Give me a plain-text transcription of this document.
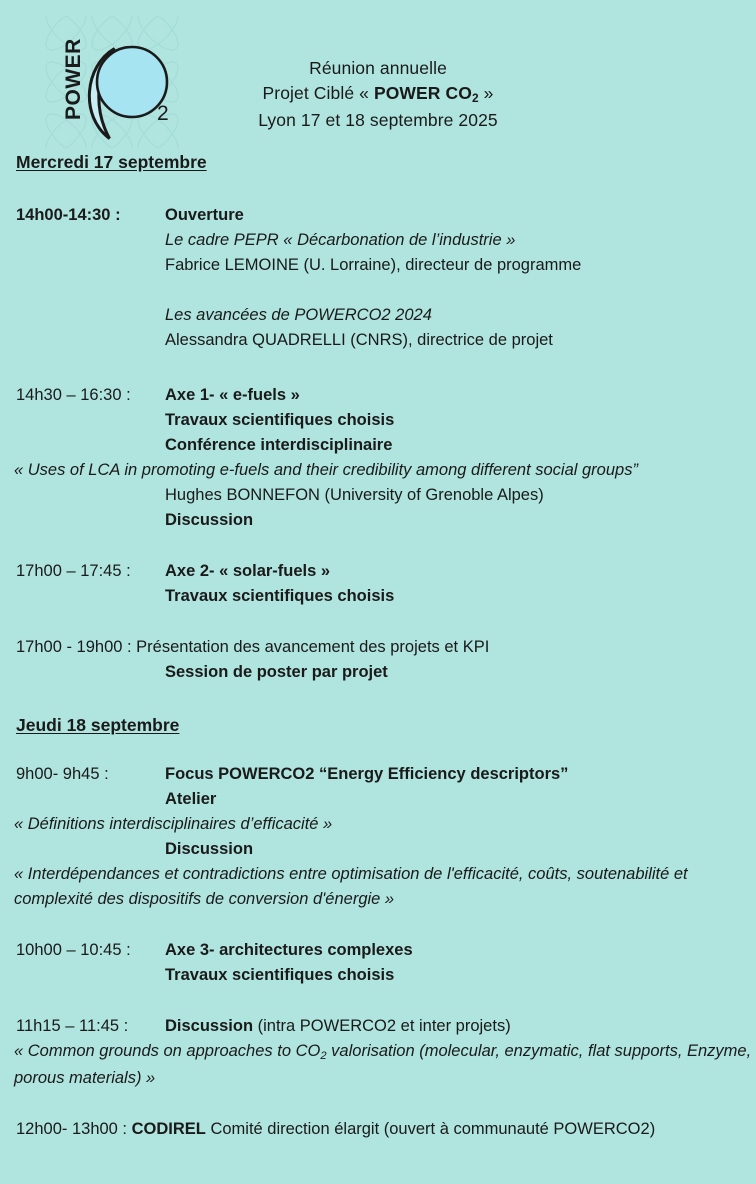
2
POWER	Réunion annuelle
Projet Ciblé « POWER $CO_2$ »
Lyon 17 et 18 septembre 2025
Mercredi 17 septembre
14h00-14:30 :	Ouverture
Le cadre PEPR « Décarbonation de l’industrie »
Fabrice LEMOINE (U. Lorraine), directeur de programme

Les avancées de POWERCO2 2024
Alessandra QUADRELLI (CNRS), directrice de projet
14h30 – 16:30 : Axe 1- « e-fuels »
Travaux scientifiques choisis
Conférence interdisciplinaire
« Uses of LCA in promoting e-fuels and their credibility among different social groups”
Hughes BONNEFON (University of Grenoble Alpes)
Discussion
17h00 – 17:45 : Axe 2- « solar-fuels »
Travaux scientifiques choisis
17h00 - 19h00 : Présentation des avancement des projets et KPI
Session de poster par projet
Jeudi 18 septembre
9h00- 9h45 :	Focus POWERCO2 “Energy Efficiency descriptors”
Atelier
« Définitions interdisciplinaires d’efficacité »
Discussion
« Interdépendances et contradictions entre optimisation de l'efficacité, coûts, soutenabilité et complexité des dispositifs de conversion d'énergie »
10h00 – 10:45 : Axe 3- architectures complexes
Travaux scientifiques choisis
11h15 – 11:45 : Discussion (intra POWERCO2 et inter projets)
« Common grounds on approaches to $CO_2$ valorisation (molecular, enzymatic, flat supports, Enzyme, porous materials) »
12h00- 13h00 : CODIREL Comité direction élargit (ouvert à communauté POWERCO2)
